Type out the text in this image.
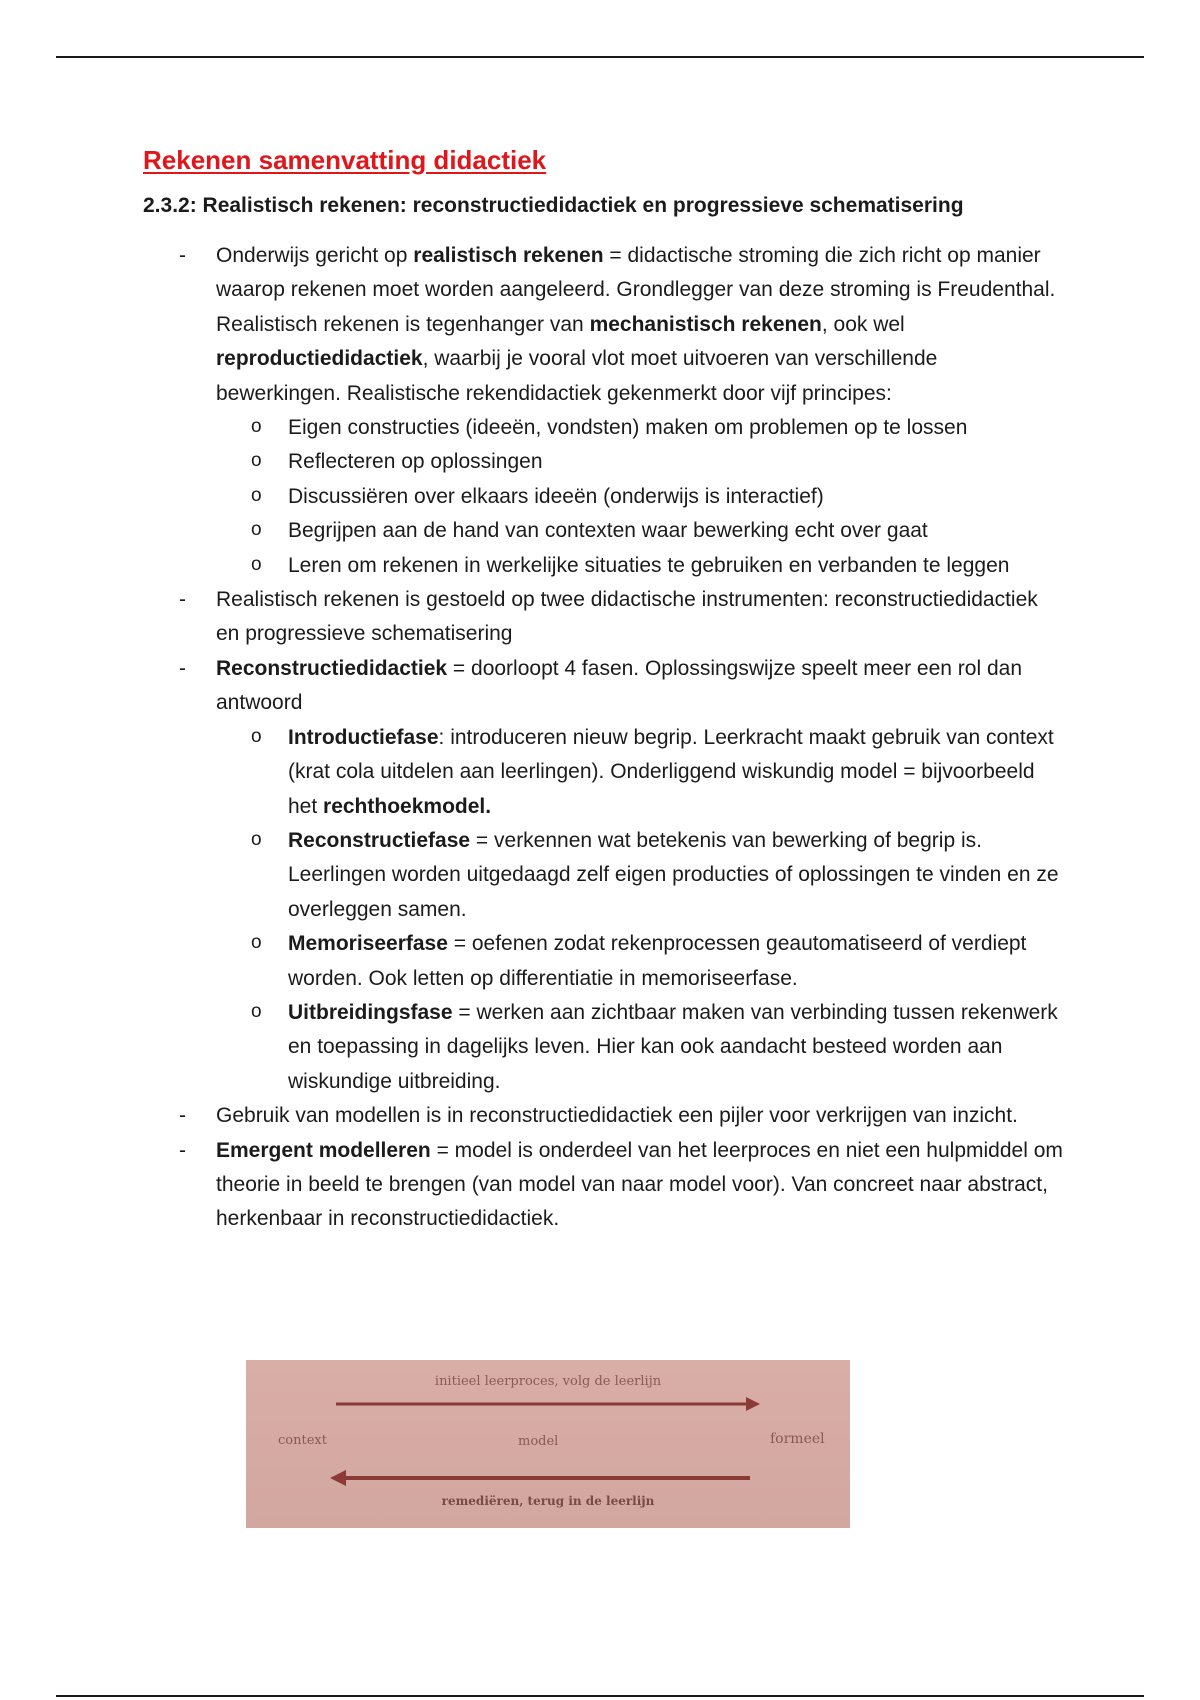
Rekenen samenvatting didactiek
2.3.2: Realistisch rekenen: reconstructiedidactiek en progressieve schematisering
- Onderwijs gericht op realistisch rekenen = didactische stroming die zich richt op manier waarop rekenen moet worden aangeleerd. Grondlegger van deze stroming is Freudenthal. Realistisch rekenen is tegenhanger van mechanistisch rekenen, ook wel reproductiedidactiek, waarbij je vooral vlot moet uitvoeren van verschillende bewerkingen. Realistische rekendidactiek gekenmerkt door vijf principes:
o Eigen constructies (ideeën, vondsten) maken om problemen op te lossen
o Reflecteren op oplossingen
o Discussiëren over elkaars ideeën (onderwijs is interactief)
o Begrijpen aan de hand van contexten waar bewerking echt over gaat
o Leren om rekenen in werkelijke situaties te gebruiken en verbanden te leggen
- Realistisch rekenen is gestoeld op twee didactische instrumenten: reconstructiedidactiek en progressieve schematisering
- Reconstructiedidactiek = doorloopt 4 fasen. Oplossingswijze speelt meer een rol dan antwoord
o Introductiefase: introduceren nieuw begrip. Leerkracht maakt gebruik van context (krat cola uitdelen aan leerlingen). Onderliggend wiskundig model = bijvoorbeeld het rechthoekmodel.
o Reconstructiefase = verkennen wat betekenis van bewerking of begrip is. Leerlingen worden uitgedaagd zelf eigen producties of oplossingen te vinden en ze overleggen samen.
o Memoriseerfase = oefenen zodat rekenprocessen geautomatiseerd of verdiept worden. Ook letten op differentiatie in memoriseerfase.
o Uitbreidingsfase = werken aan zichtbaar maken van verbinding tussen rekenwerk en toepassing in dagelijks leven. Hier kan ook aandacht besteed worden aan wiskundige uitbreiding.
- Gebruik van modellen is in reconstructiedidactiek een pijler voor verkrijgen van inzicht.
- Emergent modelleren = model is onderdeel van het leerproces en niet een hulpmiddel om theorie in beeld te brengen (van model van naar model voor). Van concreet naar abstract, herkenbaar in reconstructiedidactiek.
initieel leerproces, volg de leerlijn
context	model	formeel
remediëren, terug in de leerlijn
